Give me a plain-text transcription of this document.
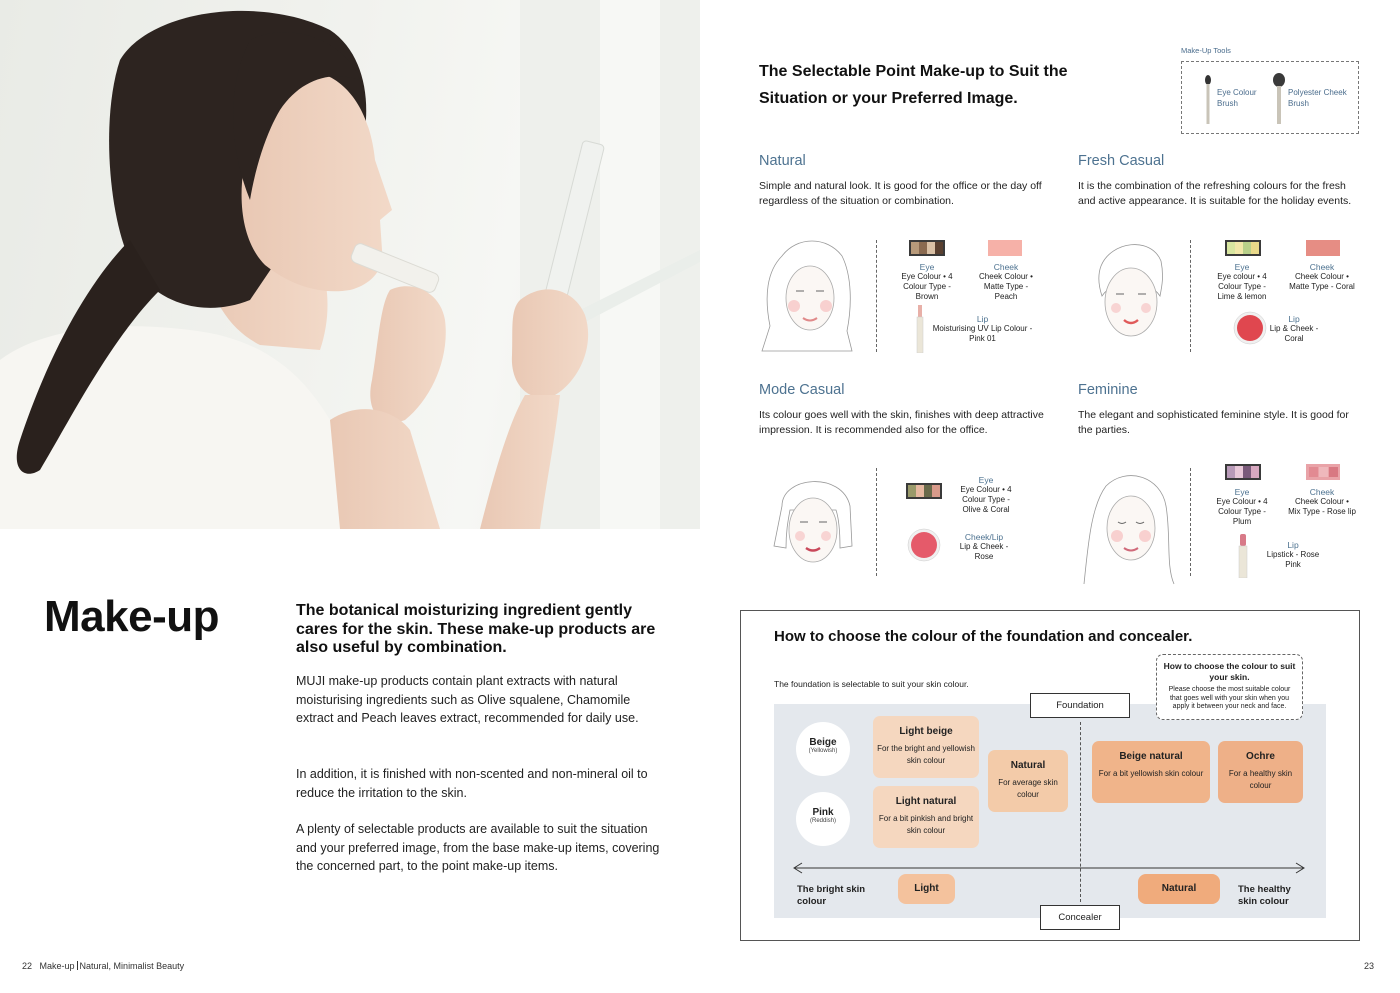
Make-up	The botanical moisturizing ingredient gently cares for the skin. These make-up products are also useful by combination.
MUJI make-up products contain plant extracts with natural moisturising ingredients such as Olive squalene, Chamomile extract and Peach leaves extract, recommended for daily use.
In addition, it is finished with non-scented and non-mineral oil to reduce the irritation to the skin.
A plenty of selectable products are available to suit the situation and your preferred image, from the base make-up items, covering the concerned part, to the point make-up items.
22 Make-up Natural, Minimalist Beauty	23
The Selectable Point Make-up to Suit the Situation or your Preferred Image.
Make-Up Tools
Eye Colour Brush
Polyester Cheek Brush
Natural
Simple and natural look. It is good for the office or the day off regardless of the situation or combination.
Eye
Eye Colour • 4 Colour Type - Brown
Cheek
Cheek Colour • Matte Type - Peach
Lip
Moisturising UV Lip Colour - Pink 01
Fresh Casual
It is the combination of the refreshing colours for the fresh and active appearance. It is suitable for the holiday events.
Eye
Eye colour • 4 Colour Type - Lime & lemon
Cheek
Cheek Colour • Matte Type - Coral
Lip
Lip & Cheek - Coral
Mode Casual
Its colour goes well with the skin, finishes with deep attractive impression. It is recommended also for the office.
Eye
Eye Colour • 4 Colour Type - Olive & Coral
Cheek/Lip
Lip & Cheek - Rose
Feminine
The elegant and sophisticated feminine style. It is good for the parties.
Eye
Eye Colour • 4 Colour Type - Plum
Cheek
Cheek Colour • Mix Type - Rose lip
Lip
Lipstick - Rose Pink
How to choose the colour of the foundation and concealer.
The foundation is selectable to suit your skin colour.
How to choose the colour to suit your skin.
Please choose the most suitable colour that goes well with your skin when you apply it between your neck and face.
Foundation
Beige
(Yellowish)
Pink
(Reddish)
Light beige
For the bright and yellowish skin colour
Light natural
For a bit pinkish and bright skin colour
Natural
For average skin colour
Beige natural
For a bit yellowish skin colour
Ochre
For a healthy skin colour
The bright skin colour
The healthy skin colour
Light	Natural
Concealer
